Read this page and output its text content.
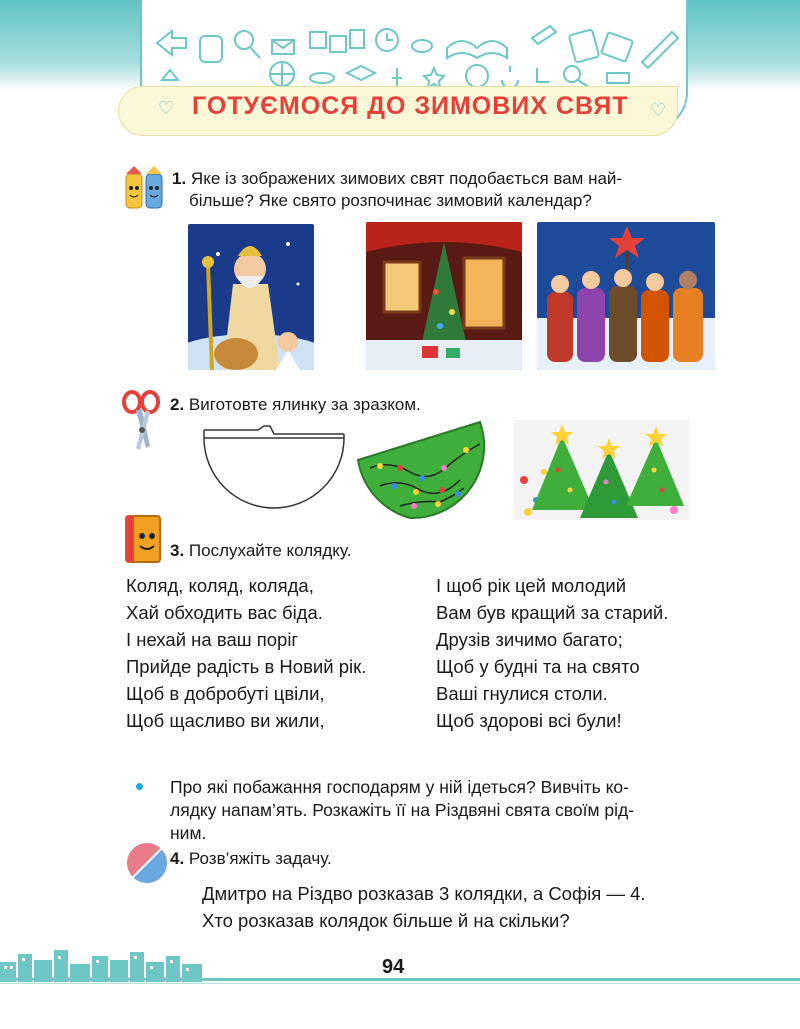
♡	♡
ГОТУЄМОСЯ ДО ЗИМОВИХ СВЯТ
1. Яке із зображених зимових свят подобається вам най-
більше? Яке свято розпочинає зимовий календар?
2. Виготовте ялинку за зразком.
3. Послухайте колядку.
Коляд, коляд, коляда,
Хай обходить вас біда.
І нехай на ваш поріг
Прийде радість в Новий рік.
Щоб в добробуті цвіли,
Щоб щасливо ви жили,
І щоб рік цей молодий
Вам був кращий за старий.
Друзів зичимо багато;
Щоб у будні та на свято
Ваші гнулися столи.
Щоб здорові всі були!
Про які побажання господарям у ній ідеться? Вивчіть ко-
лядку напам’ять. Розкажіть її на Різдвяні свята своїм рід-
ним.
4. Розв’яжіть задачу.
Дмитро на Різдво розказав 3 колядки, а Софія — 4.
Хто розказав колядок більше й на скільки?
94
